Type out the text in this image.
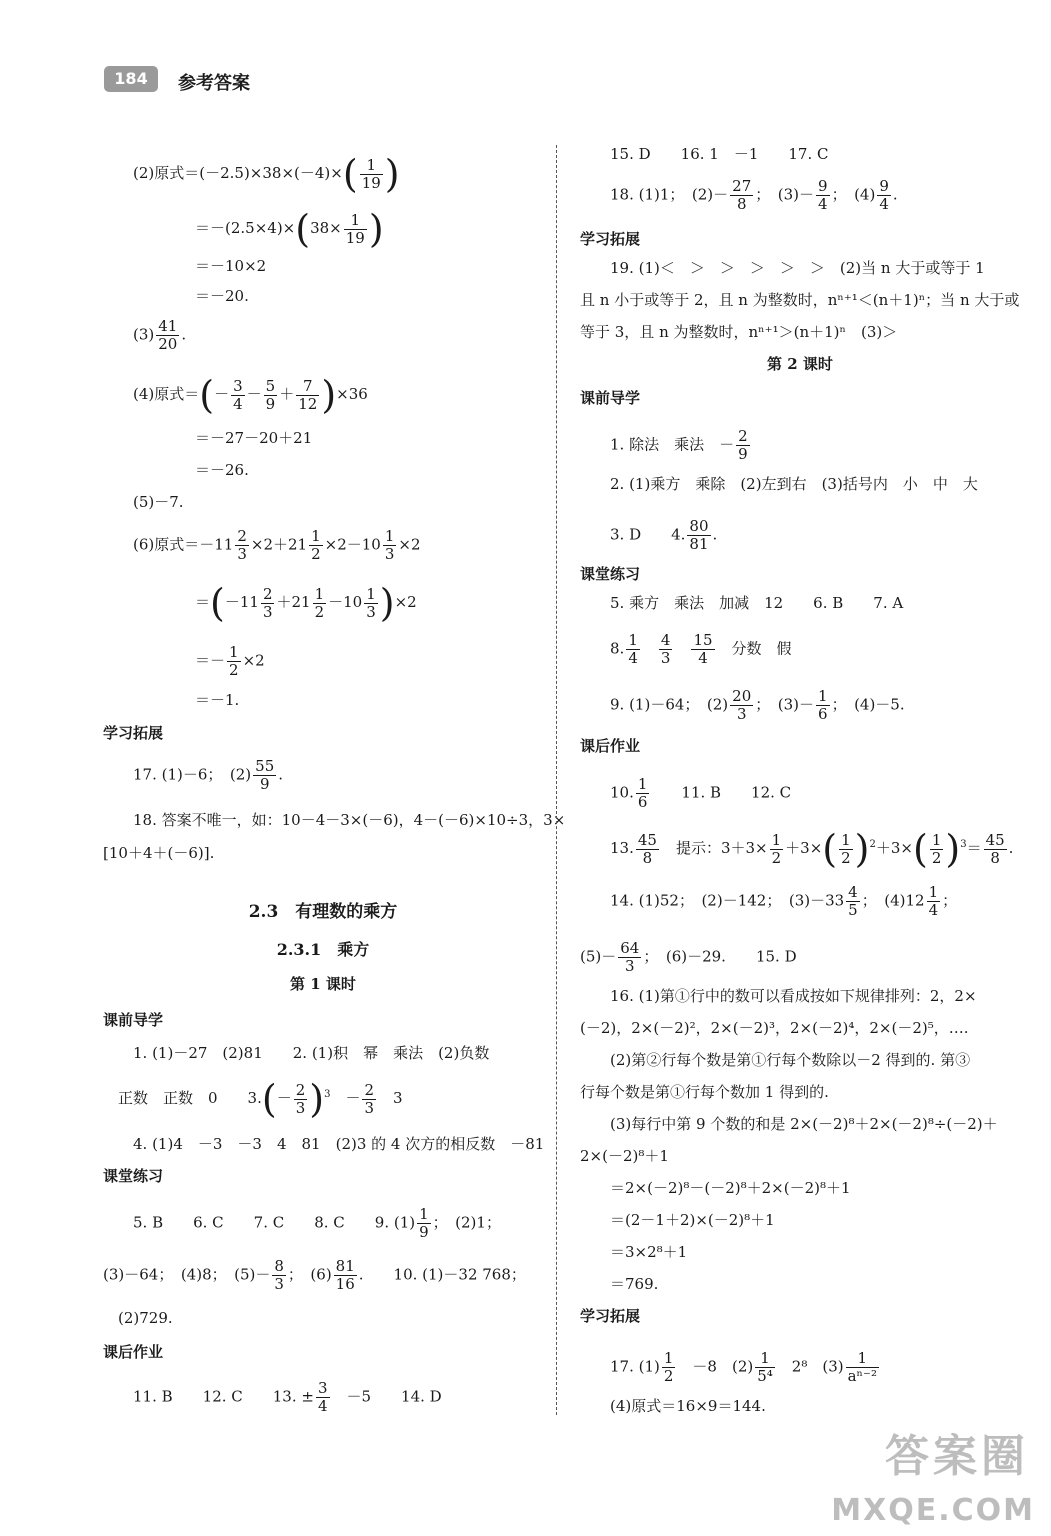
184	参考答案
(2)原式$=(-2.5)\times 38\times(-4)\times( \frac{1}{19}$ )
$=-(2.5\times 4)\times(38\times \frac{1}{19}$ )
＝－10×2
＝－20.
$(3) \frac{41}{20}$ .
(4)原式＝(－ $\frac{3}{4} - \frac{5}{9} + \frac{7}{12} )\times 36$
＝－27－20＋21
＝－26.
(5)－7.
(6)原式$=-11 \frac{2}{3} \times 2+21 \frac{1}{2} \times 2-10 \frac{1}{3} \times 2$
$=(-11 \frac{2}{3} +21 \frac{1}{2} -10 \frac{1}{3} )\times 2$
＝－ $\frac{1}{2} \times 2$
＝－1.
学习拓展
17. (1)－6；　$(2) \frac{55}{9}$ .
18. 答案不唯一，如：10－4－3×(－6)，4－(－6)×10÷3，3×
[10＋4＋(－6)].
2.3　有理数的乘方
2.3.1　乘方
第 1 课时
课前导学
1. (1)－27　(2)81　　2. (1)积　幂　乘法　(2)负数
正数　正数　0　　$3.(- \frac{2}{3} )^3$　－ $\frac{2}{3}$ 　3
4. (1)4　－3　－3　4　81　(2)3 的 4 次方的相反数　－81
课堂练习
5. B　　6. C　　7. C　　8. C　　9. $(1) \frac{1}{9}$ ；　(2)1；
(3)－64；　(4)8；　$(5)- \frac{8}{3}$ ；　$(6) \frac{81}{16}$ .　　10. (1)－32 768；
(2)729.
课后作业
11. B　　12. C　　13. ± $\frac{3}{4}$ 　－5　　14. D
15. D　　16. 1　－1　　17. C
18. (1)1；　$(2)- \frac{27}{8}$ ；　$(3)- \frac{9}{4}$ ；　$(4) \frac{9}{4}$ .
学习拓展
19. (1)＜　＞　＞　＞　＞　＞　(2)当 n 大于或等于 1
且 n 小于或等于 2，且 n 为整数时，nⁿ⁺¹＜(n＋1)ⁿ；当 n 大于或
等于 3，且 n 为整数时，nⁿ⁺¹＞(n＋1)ⁿ　(3)＞
第 2 课时
课前导学
1. 除法　乘法　－ $\frac{2}{9}$
2. (1)乘方　乘除　(2)左到右　(3)括号内　小　中　大
3. D　　4. $\frac{80}{81}$ .
课堂练习
5. 乘方　乘法　加减　12　　6. B　　7. A
8. $\frac{1}{4}$
　 $\frac{4}{3}$
　 $\frac{15}{4}$ 　分数　假
9. (1)－64；　$(2) \frac{20}{3}$ ；　$(3)- \frac{1}{6}$ ；　(4)－5.
课后作业
10. $\frac{1}{6}$ 　　11. B　　12. C
13. $\frac{45}{8}$ 　提示：$3+3\times \frac{1}{2} +3\times( \frac{1}{2} )^2+3\times( \frac{1}{2} )^3= \frac{45}{8}$ .
14. (1)52；　(2)－142；　$(3)-33 \frac{4}{5}$ ；　$(4)12 \frac{1}{4}$ ；
$(5)- \frac{64}{3}$ ；　(6)－29.　　15. D
16. (1)第①行中的数可以看成按如下规律排列：2，2×
(－2)，2×(－2)²，2×(－2)³，2×(－2)⁴，2×(－2)⁵，….
(2)第②行每个数是第①行每个数除以－2 得到的. 第③
行每个数是第①行每个数加 1 得到的.
(3)每行中第 9 个数的和是 2×(－2)⁸＋2×(－2)⁸÷(－2)＋
2×(－2)⁸＋1
＝2×(－2)⁸－(－2)⁸＋2×(－2)⁸＋1
＝(2－1＋2)×(－2)⁸＋1
＝3×2⁸＋1
＝769.
学习拓展
17. $(1) \frac{1}{2}$ 　－8　$(2) \frac{1}{\text{5⁴}}$ 　2⁸　$(3) \frac{1}{\text{aⁿ⁻²}}$
(4)原式＝16×9＝144.
答案圈
MXQE.COM
